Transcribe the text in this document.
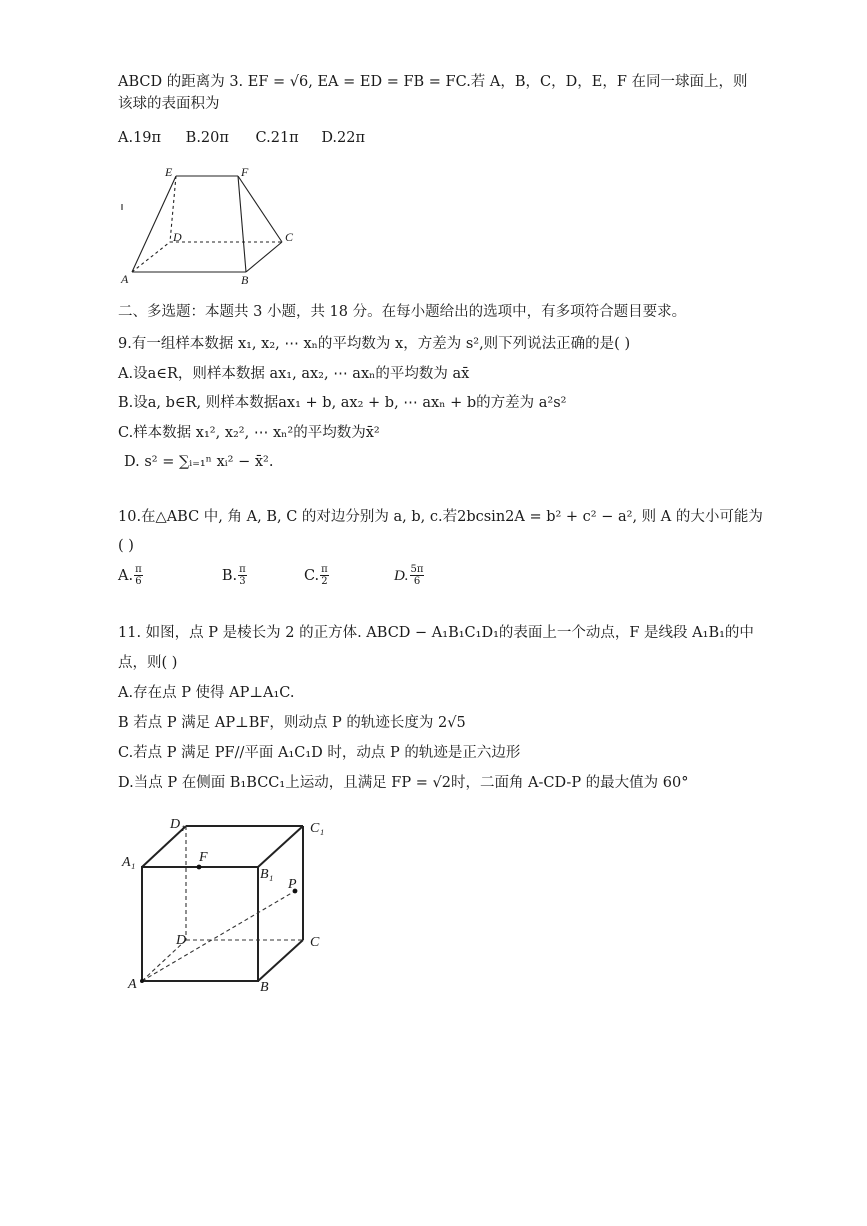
ABCD 的距离为 3. EF = √6, EA = ED = FB = FC.若 A，B，C，D，E，F 在同一球面上，则
该球的表面积为
A.19π B.20π C.21π D.22π
E	F
D	C
A	B
二、多选题：本题共 3 小题，共 18 分。在每小题给出的选项中，有多项符合题目要求。
9.有一组样本数据 x₁, x₂, ⋯ xₙ的平均数为 x，方差为 s²,则下列说法正确的是( )
A.设a∈R，则样本数据 ax₁, ax₂, ⋯ axₙ的平均数为 ax̄
B.设a, b∈R, 则样本数据ax₁ + b, ax₂ + b, ⋯ axₙ + b的方差为 a²s²
C.样本数据 x₁², x₂², ⋯ xₙ²的平均数为x̄²
D. s² = ∑ᵢ₌₁ⁿ xᵢ² − x̄².
10.在△ABC 中, 角 A, B, C 的对边分别为 a, b, c.若2bcsin2A = b² + c² − a², 则 A 的大小可能为
( )
A. $\frac{\pi}{6}$	B. $\frac{\pi}{3}$	C. $\frac{\pi}{2}$	D. $\frac{5\pi}{6}$
11. 如图，点 P 是棱长为 2 的正方体. ABCD − A₁B₁C₁D₁的表面上一个动点，F 是线段 A₁B₁的中
点，则( )
A.存在点 P 使得 AP⊥A₁C.
B 若点 P 满足 AP⊥BF，则动点 P 的轨迹长度为 2√5
C.若点 P 满足 PF//平面 A₁C₁D 时，动点 P 的轨迹是正六边形
D.当点 P 在侧面 B₁BCC₁上运动，且满足 FP = √2时，二面角 A-CD-P 的最大值为 60°
D₁	C₁
A₁	F
B₁
P
D	C
A	B
